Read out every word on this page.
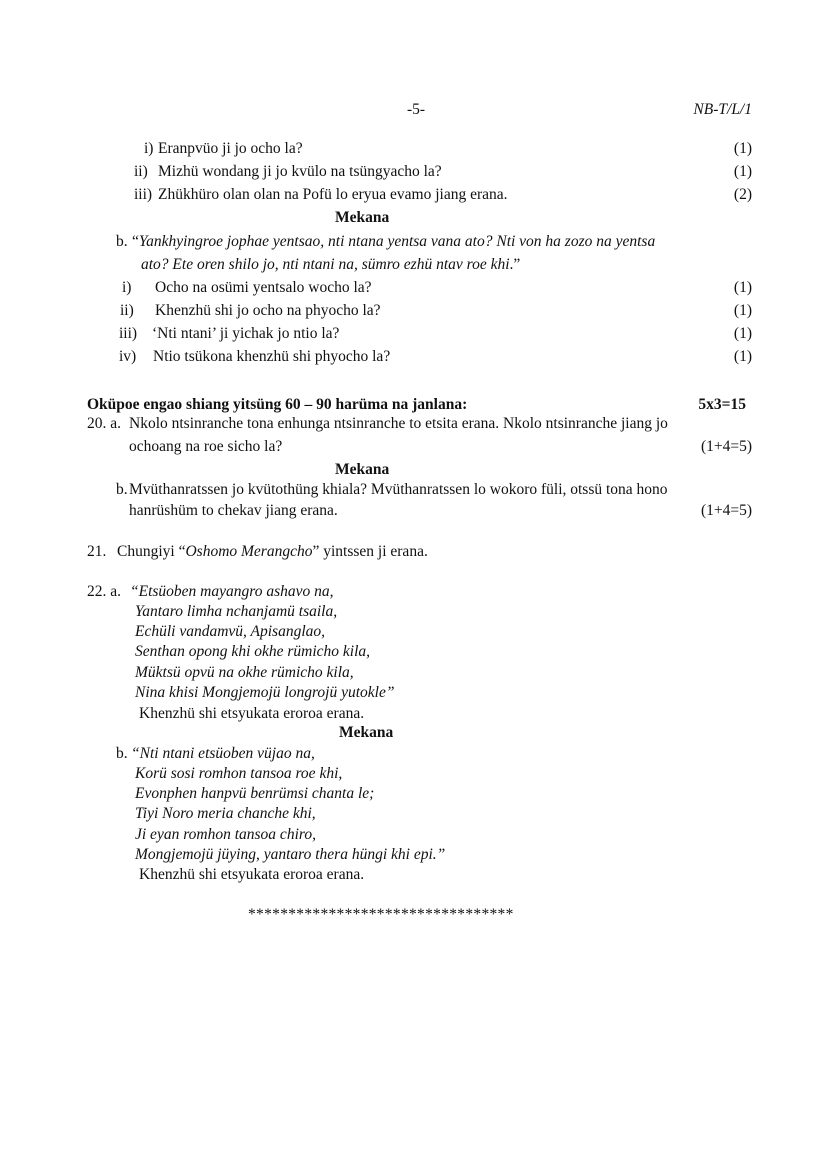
-5-	NB-T/L/1
i) Eranpvüo ji jo ocho la?	(1)
ii) Mizhü wondang ji jo kvülo na tsüngyacho la?	(1)
iii) Zhükhüro olan olan na Pofü lo eryua evamo jiang erana.	(2)
Mekana
b. “Yankhyingroe jophae yentsao, nti ntana yentsa vana ato? Nti von ha zozo na yentsa
ato? Ete oren shilo jo, nti ntani na, sümro ezhü ntav roe khi.”
i) Ocho na osümi yentsalo wocho la?	(1)
ii) Khenzhü shi jo ocho na phyocho la?	(1)
iii) ‘Nti ntani’ ji yichak jo ntio la?	(1)
iv) Ntio tsükona khenzhü shi phyocho la?	(1)
Oküpoe engao shiang yitsüng 60 – 90 harüma na janlana:	5x3=15
20. a. Nkolo ntsinranche tona enhunga ntsinranche to etsita erana. Nkolo ntsinranche jiang jo
ochoang na roe sicho la?	(1+4=5)
Mekana
b. Mvüthanratssen jo kvütothüng khiala? Mvüthanratssen lo wokoro füli, otssü tona hono
hanrüshüm to chekav jiang erana.	(1+4=5)
21. Chungiyi “Oshomo Merangcho” yintssen ji erana.
22. a. “Etsüoben mayangro ashavo na,
Yantaro limha nchanjamü tsaila,
Echüli vandamvü, Apisanglao,
Senthan opong khi okhe rümicho kila,
Müktsü opvü na okhe rümicho kila,
Nina khisi Mongjemojü longrojü yutokle”
Khenzhü shi etsyukata eroroa erana.
Mekana
b. “Nti ntani etsüoben vüjao na,
Korü sosi romhon tansoa roe khi,
Evonphen hanpvü benrümsi chanta le;
Tiyi Noro meria chanche khi,
Ji eyan romhon tansoa chiro,
Mongjemojü jüying, yantaro thera hüngi khi epi.”
Khenzhü shi etsyukata eroroa erana.
*********************************
